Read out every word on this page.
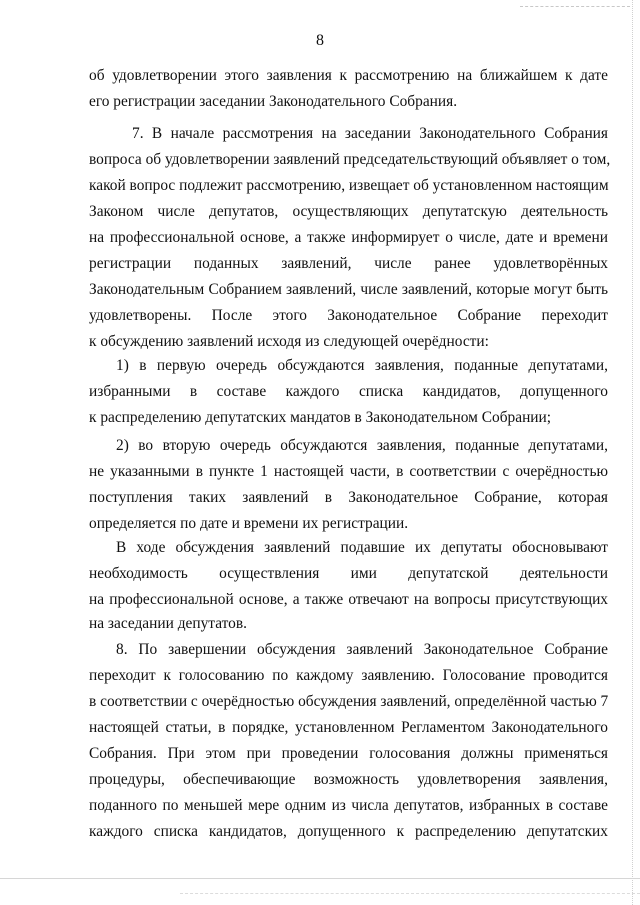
8
об удовлетворении этого заявления к рассмотрению на ближайшем к дате
его регистрации заседании Законодательного Собрания.
7. В начале рассмотрения на заседании Законодательного Собрания
вопроса об удовлетворении заявлений председательствующий объявляет о том,
какой вопрос подлежит рассмотрению, извещает об установленном настоящим
Законом числе депутатов, осуществляющих депутатскую деятельность
на профессиональной основе, а также информирует о числе, дате и времени
регистрации поданных заявлений, числе ранее удовлетворённых
Законодательным Собранием заявлений, числе заявлений, которые могут быть
удовлетворены. После этого Законодательное Собрание переходит
к обсуждению заявлений исходя из следующей очерёдности:
1) в первую очередь обсуждаются заявления, поданные депутатами,
избранными в составе каждого списка кандидатов, допущенного
к распределению депутатских мандатов в Законодательном Собрании;
2) во вторую очередь обсуждаются заявления, поданные депутатами,
не указанными в пункте 1 настоящей части, в соответствии с очерёдностью
поступления таких заявлений в Законодательное Собрание, которая
определяется по дате и времени их регистрации.
В ходе обсуждения заявлений подавшие их депутаты обосновывают
необходимость осуществления ими депутатской деятельности
на профессиональной основе, а также отвечают на вопросы присутствующих
на заседании депутатов.
8. По завершении обсуждения заявлений Законодательное Собрание
переходит к голосованию по каждому заявлению. Голосование проводится
в соответствии с очерёдностью обсуждения заявлений, определённой частью 7
настоящей статьи, в порядке, установленном Регламентом Законодательного
Собрания. При этом при проведении голосования должны применяться
процедуры, обеспечивающие возможность удовлетворения заявления,
поданного по меньшей мере одним из числа депутатов, избранных в составе
каждого списка кандидатов, допущенного к распределению депутатских
